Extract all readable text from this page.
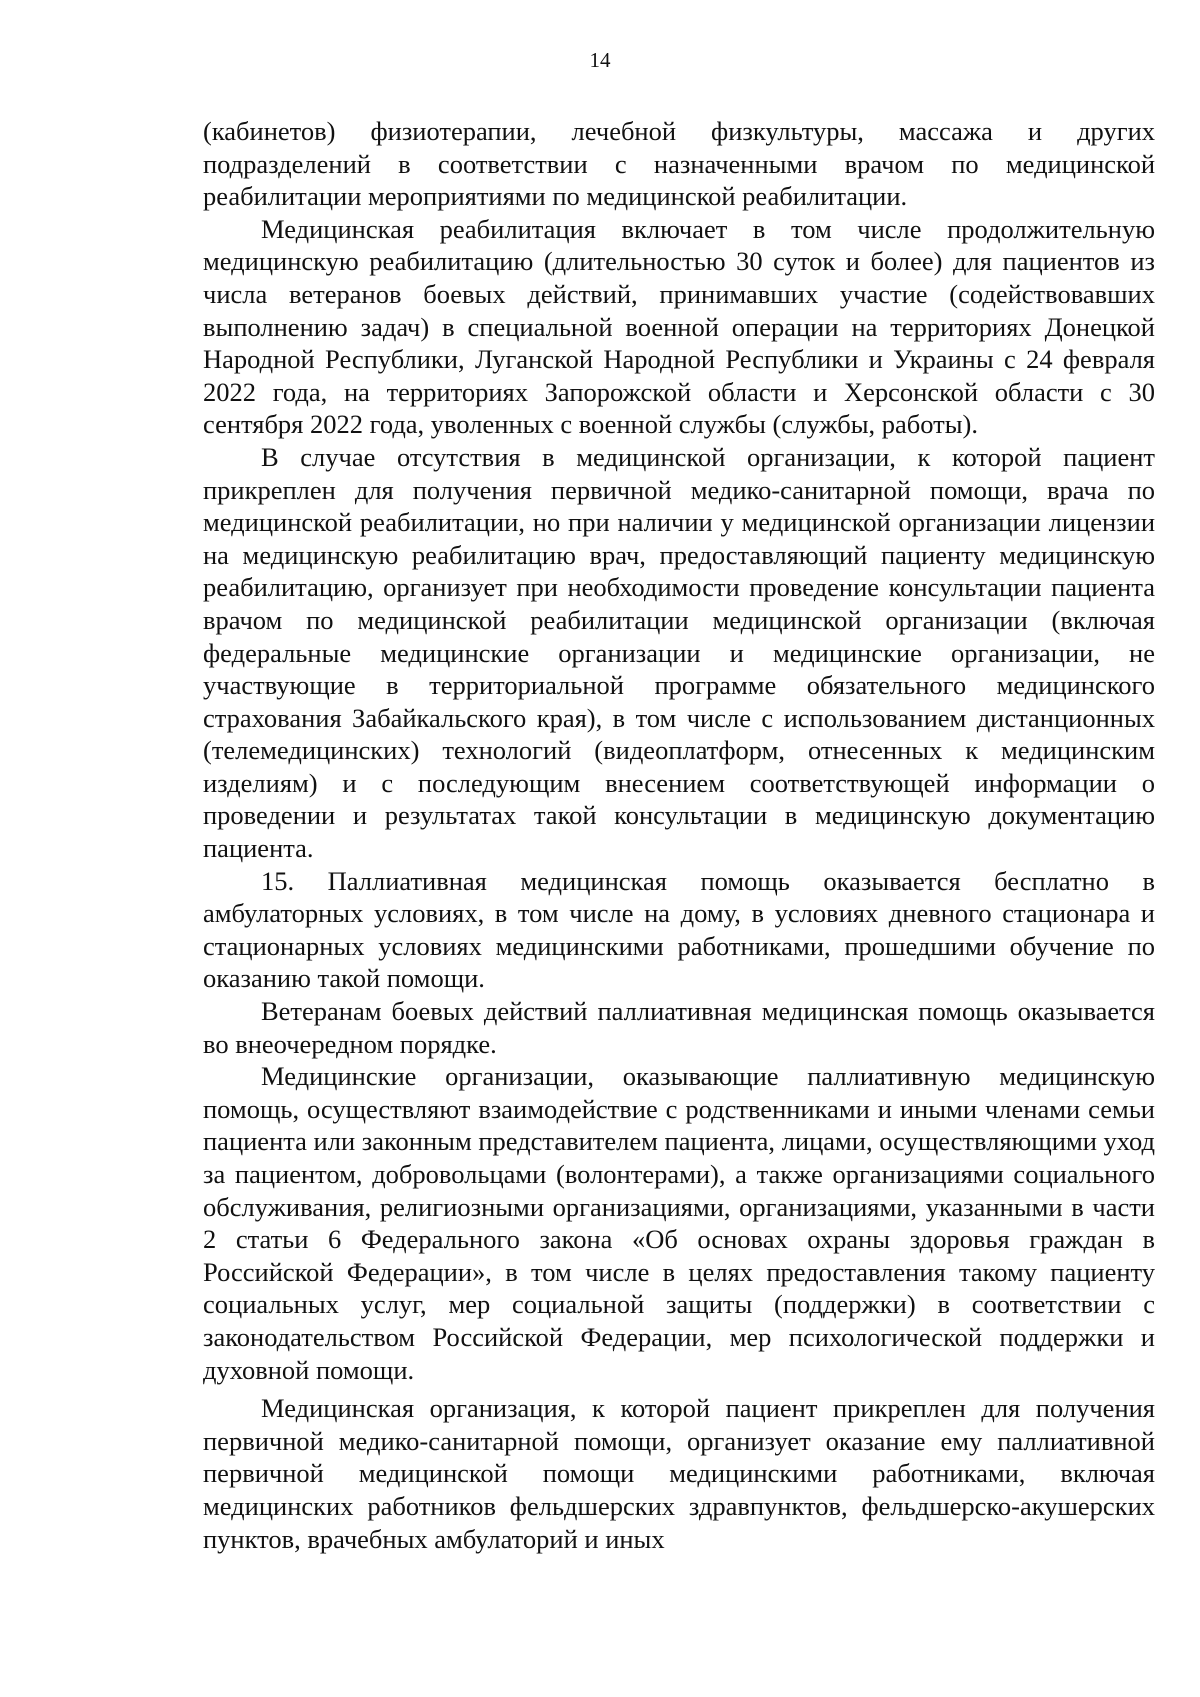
14

(кабинетов) физиотерапии, лечебной физкультуры, массажа и других подразделений в соответствии с назначенными врачом по медицинской реабилитации мероприятиями по медицинской реабилитации.

Медицинская реабилитация включает в том числе продолжительную медицинскую реабилитацию (длительностью 30 суток и более) для пациентов из числа ветеранов боевых действий, принимавших участие (содействовавших выполнению задач) в специальной военной операции на территориях Донецкой Народной Республики, Луганской Народной Республики и Украины с 24 февраля 2022 года, на территориях Запорожской области и Херсонской области с 30 сентября 2022 года, уволенных с военной службы (службы, работы).

В случае отсутствия в медицинской организации, к которой пациент прикреплен для получения первичной медико-санитарной помощи, врача по медицинской реабилитации, но при наличии у медицинской организации лицензии на медицинскую реабилитацию врач, предоставляющий пациенту медицинскую реабилитацию, организует при необходимости проведение консультации пациента врачом по медицинской реабилитации медицинской организации (включая федеральные медицинские организации и медицинские организации, не участвующие в территориальной программе обязательного медицинского страхования Забайкальского края), в том числе с использованием дистанционных (телемедицинских) технологий (видеоплатформ, отнесенных к медицинским изделиям) и с последующим внесением соответствующей информации о проведении и результатах такой консультации в медицинскую документацию пациента.

15. Паллиативная медицинская помощь оказывается бесплатно в амбулаторных условиях, в том числе на дому, в условиях дневного стационара и стационарных условиях медицинскими работниками, прошедшими обучение по оказанию такой помощи.

Ветеранам боевых действий паллиативная медицинская помощь оказывается во внеочередном порядке.

Медицинские организации, оказывающие паллиативную медицинскую помощь, осуществляют взаимодействие с родственниками и иными членами семьи пациента или законным представителем пациента, лицами, осуществляющими уход за пациентом, добровольцами (волонтерами), а также организациями социального обслуживания, религиозными организациями, организациями, указанными в части 2 статьи 6 Федерального закона «Об основах охраны здоровья граждан в Российской Федерации», в том числе в целях предоставления такому пациенту социальных услуг, мер социальной защиты (поддержки) в соответствии с законодательством Российской Федерации, мер психологической поддержки и духовной помощи.

Медицинская организация, к которой пациент прикреплен для получения первичной медико-санитарной помощи, организует оказание ему паллиативной первичной медицинской помощи медицинскими работниками, включая медицинских работников фельдшерских здравпунктов, фельдшерско-акушерских пунктов, врачебных амбулаторий и иных
